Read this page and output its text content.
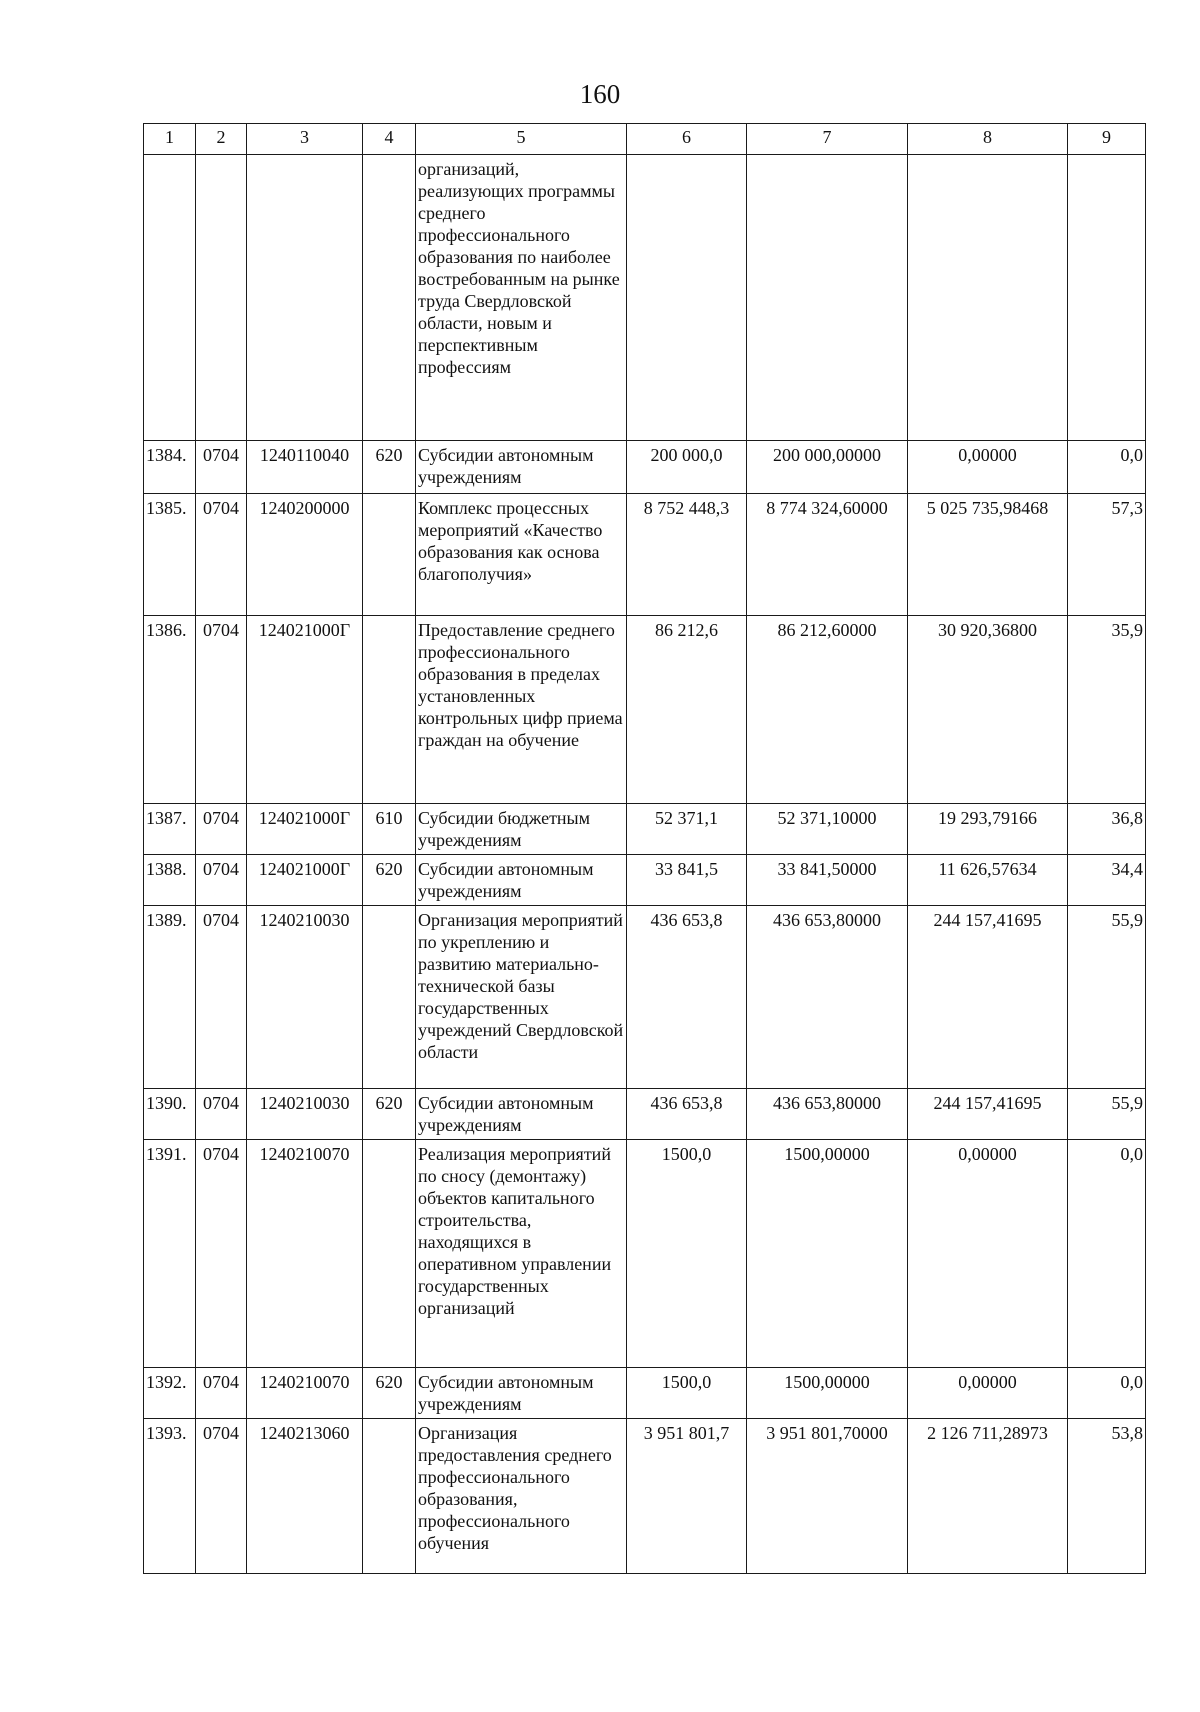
160
1	2	3	4	5	6	7	8	9
				организаций, реализующих программы среднего профессионального образования по наиболее востребованным на рынке труда Свердловской области, новым и перспективным профессиям				
1384.	0704	1240110040	620	Субсидии автономным учреждениям	200 000,0	200 000,00000	0,00000	0,0
1385.	0704	1240200000		Комплекс процессных мероприятий «Качество образования как основа благополучия»	8 752 448,3	8 774 324,60000	5 025 735,98468	57,3
1386.	0704	124021000Г		Предоставление среднего профессионального образования в пределах установленных контрольных цифр приема граждан на обучение	86 212,6	86 212,60000	30 920,36800	35,9
1387.	0704	124021000Г	610	Субсидии бюджетным учреждениям	52 371,1	52 371,10000	19 293,79166	36,8
1388.	0704	124021000Г	620	Субсидии автономным учреждениям	33 841,5	33 841,50000	11 626,57634	34,4
1389.	0704	1240210030		Организация мероприятий по укреплению и развитию материально-технической базы государственных учреждений Свердловской области	436 653,8	436 653,80000	244 157,41695	55,9
1390.	0704	1240210030	620	Субсидии автономным учреждениям	436 653,8	436 653,80000	244 157,41695	55,9
1391.	0704	1240210070		Реализация мероприятий по сносу (демонтажу) объектов капитального строительства, находящихся в оперативном управлении государственных организаций	1500,0	1500,00000	0,00000	0,0
1392.	0704	1240210070	620	Субсидии автономным учреждениям	1500,0	1500,00000	0,00000	0,0
1393.	0704	1240213060		Организация предоставления среднего профессионального образования, профессионального обучения	3 951 801,7	3 951 801,70000	2 126 711,28973	53,8
